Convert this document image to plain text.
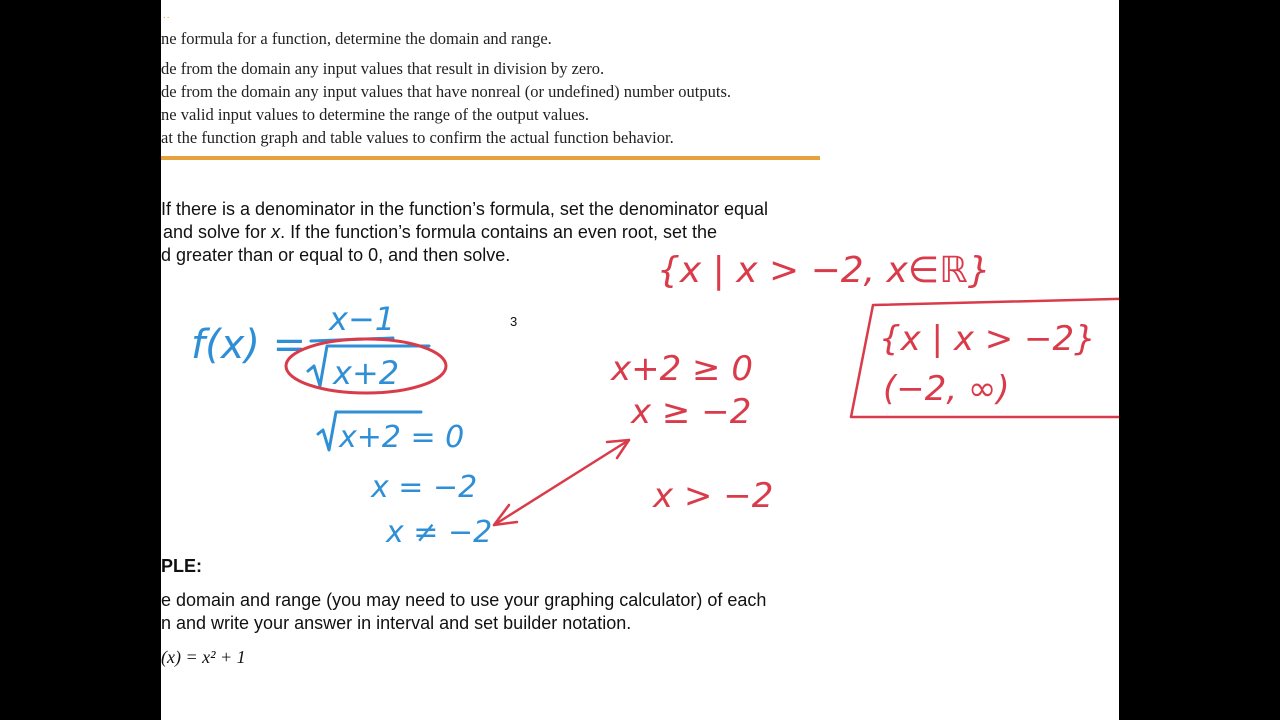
..
ne formula for a function, determine the domain and range.
de from the domain any input values that result in division by zero.
de from the domain any input values that have nonreal (or undefined) number outputs.
ne valid input values to determine the range of the output values.
at the function graph and table values to confirm the actual function behavior.
If there is a denominator in the function’s formula, set the denominator equal
and solve for x. If the function’s formula contains an even root, set the
d greater than or equal to 0, and then solve.
3
PLE:
e domain and range (you may need to use your graphing calculator) of each
n and write your answer in interval and set builder notation.
(x) = x² + 1
f(x) =
x−1
x+2
x+2 = 0
x = −2
x ≠ −2
{x | x > −2, x∈ℝ}
x+2 ≥ 0
x ≥ −2
x > −2
{x | x > −2}
(−2, ∞)
